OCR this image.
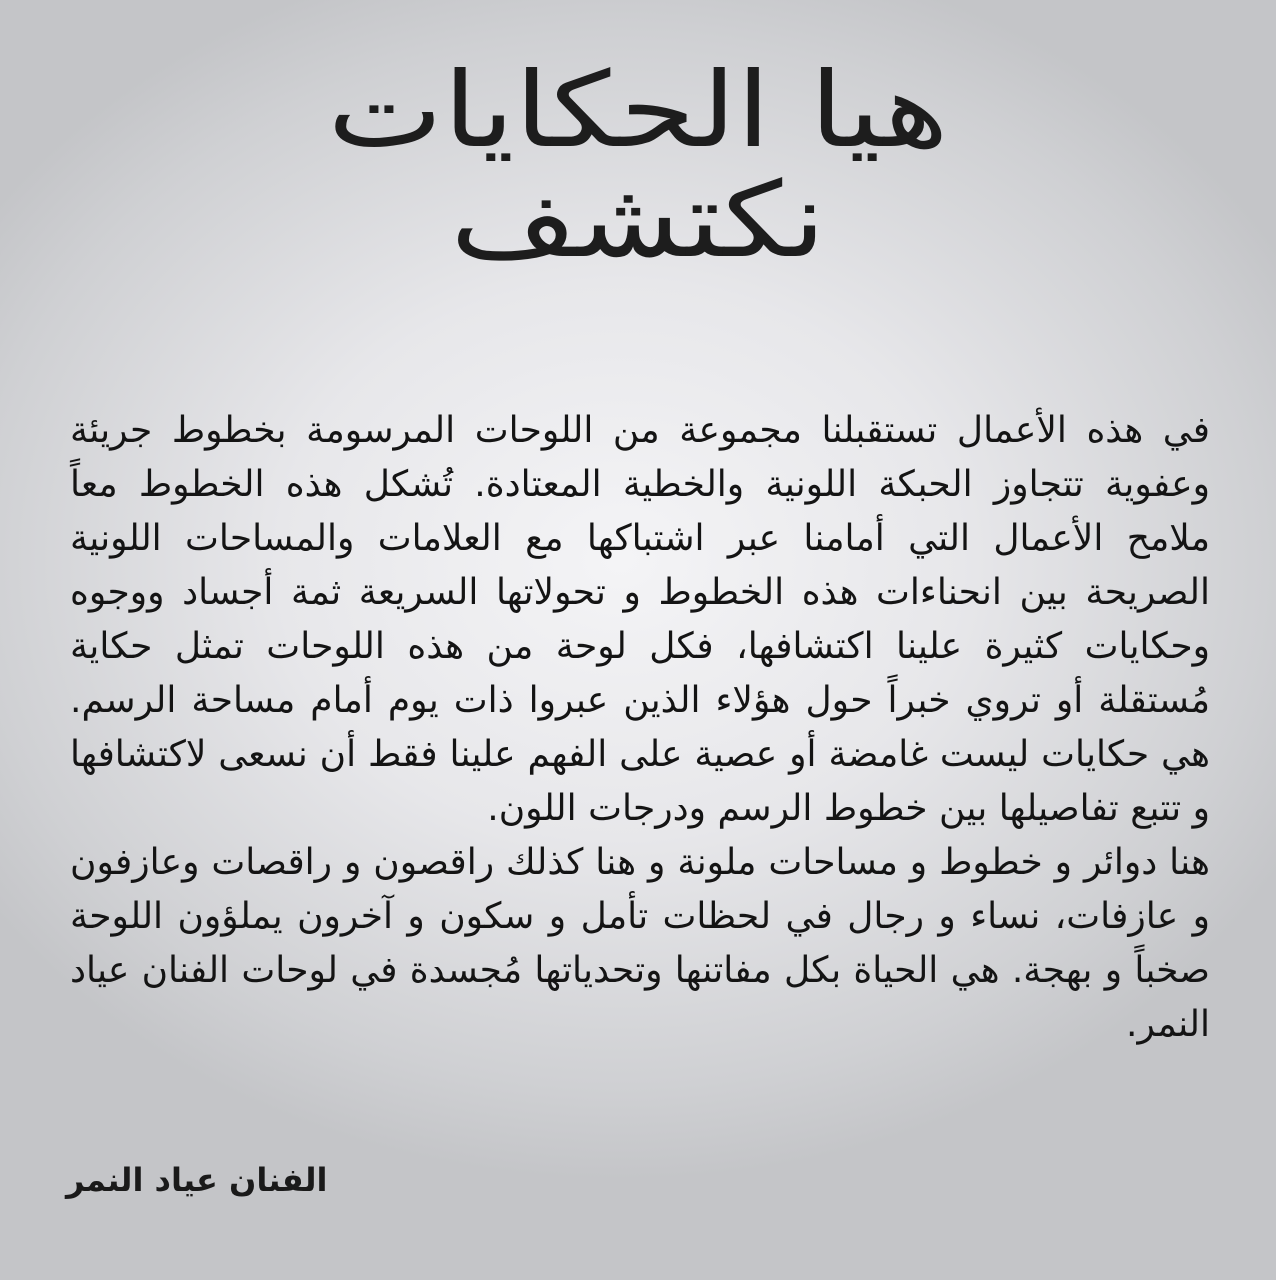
هيا الحكايات
نكتشف

في هذه الأعمال تستقبلنا مجموعة من اللوحات المرسومة بخطوط جريئة وعفوية تتجاوز الحبكة اللونية والخطية المعتادة. تُشكل هذه الخطوط معاً ملامح الأعمال التي أمامنا عبر اشتباكها مع العلامات والمساحات اللونية الصريحة بين انحناءات هذه الخطوط و تحولاتها السريعة ثمة أجساد ووجوه وحكايات كثيرة علينا اكتشافها، فكل لوحة من هذه اللوحات تمثل حكاية مُستقلة أو تروي خبراً حول هؤلاء الذين عبروا ذات يوم أمام مساحة الرسم. هي حكايات ليست غامضة أو عصية على الفهم علينا فقط أن نسعى لاكتشافها و تتبع تفاصيلها بين خطوط الرسم ودرجات اللون.

هنا دوائر و خطوط و مساحات ملونة و هنا كذلك راقصون و راقصات وعازفون و عازفات، نساء و رجال في لحظات تأمل و سكون و آخرون يملؤون اللوحة صخباً و بهجة. هي الحياة بكل مفاتنها وتحدياتها مُجسدة في لوحات الفنان عياد النمر.

الفنان عياد النمر
